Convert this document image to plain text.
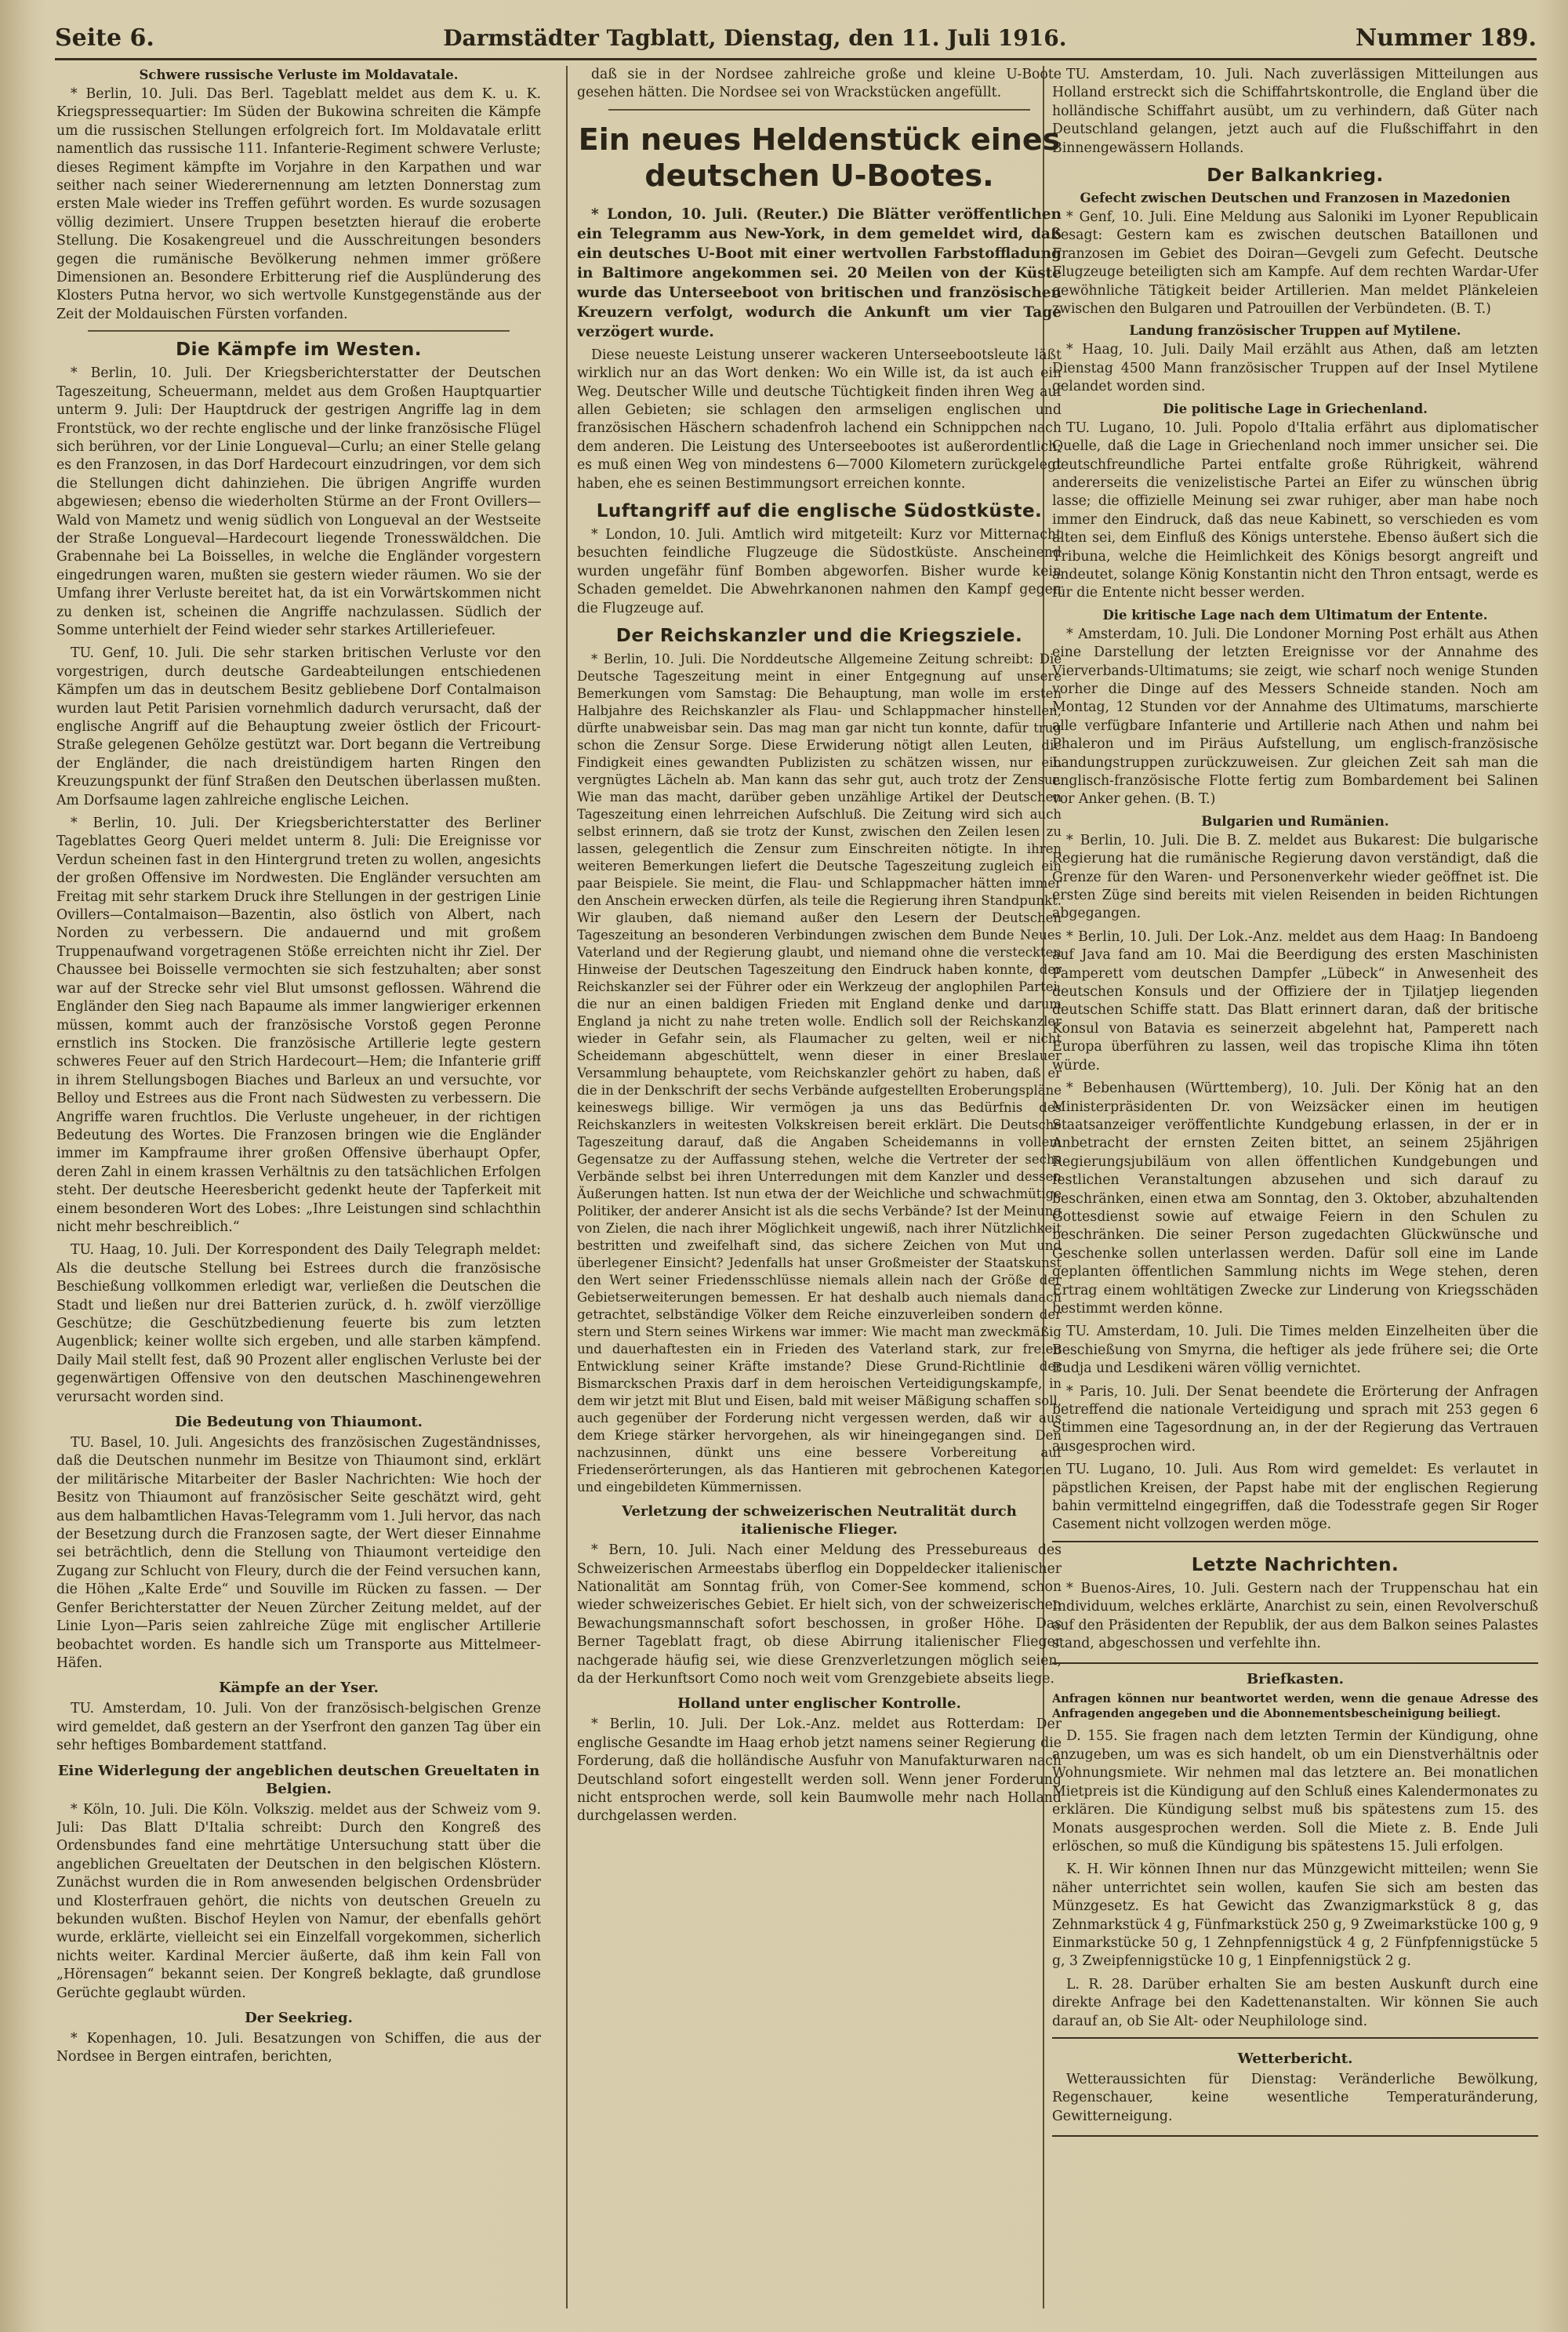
Seite 6.	Darmstädter Tagblatt, Dienstag, den 11. Juli 1916.	Nummer 189.
Schwere russische Verluste im Moldavatale.

* Berlin, 10. Juli. Das Berl. Tageblatt meldet aus dem K. u. K. Kriegspressequartier: Im Süden der Bukowina schreiten die Kämpfe um die russischen Stellungen erfolgreich fort. Im Moldavatale erlitt namentlich das russische 111. Infanterie-Regiment schwere Verluste; dieses Regiment kämpfte im Vorjahre in den Karpathen und war seither nach seiner Wiederernennung am letzten Donnerstag zum ersten Male wieder ins Treffen geführt worden. Es wurde sozusagen völlig dezimiert. Unsere Truppen besetzten hierauf die eroberte Stellung. Die Kosakengreuel und die Ausschreitungen besonders gegen die rumänische Bevölkerung nehmen immer größere Dimensionen an. Besondere Erbitterung rief die Ausplünderung des Klosters Putna hervor, wo sich wertvolle Kunstgegenstände aus der Zeit der Moldauischen Fürsten vorfanden.

Die Kämpfe im Westen.

* Berlin, 10. Juli. Der Kriegsberichterstatter der Deutschen Tageszeitung, Scheuermann, meldet aus dem Großen Hauptquartier unterm 9. Juli: Der Hauptdruck der gestrigen Angriffe lag in dem Frontstück, wo der rechte englische und der linke französische Flügel sich berühren, vor der Linie Longueval—Curlu; an einer Stelle gelang es den Franzosen, in das Dorf Hardecourt einzudringen, vor dem sich die Stellungen dicht dahinziehen. Die übrigen Angriffe wurden abgewiesen; ebenso die wiederholten Stürme an der Front Ovillers—Wald von Mametz und wenig südlich von Longueval an der Westseite der Straße Longueval—Hardecourt liegende Tronesswäldchen. Die Grabennahe bei La Boisselles, in welche die Engländer vorgestern eingedrungen waren, mußten sie gestern wieder räumen. Wo sie der Umfang ihrer Verluste bereitet hat, da ist ein Vorwärtskommen nicht zu denken ist, scheinen die Angriffe nachzulassen. Südlich der Somme unterhielt der Feind wieder sehr starkes Artilleriefeuer.

TU. Genf, 10. Juli. Die sehr starken britischen Verluste vor den vorgestrigen, durch deutsche Gardeabteilungen entschiedenen Kämpfen um das in deutschem Besitz gebliebene Dorf Contalmaison wurden laut Petit Parisien vornehmlich dadurch verursacht, daß der englische Angriff auf die Behauptung zweier östlich der Fricourt-Straße gelegenen Gehölze gestützt war. Dort begann die Vertreibung der Engländer, die nach dreistündigem harten Ringen den Kreuzungspunkt der fünf Straßen den Deutschen überlassen mußten. Am Dorfsaume lagen zahlreiche englische Leichen.

* Berlin, 10. Juli. Der Kriegsberichterstatter des Berliner Tageblattes Georg Queri meldet unterm 8. Juli: Die Ereignisse vor Verdun scheinen fast in den Hintergrund treten zu wollen, angesichts der großen Offensive im Nordwesten. Die Engländer versuchten am Freitag mit sehr starkem Druck ihre Stellungen in der gestrigen Linie Ovillers—Contalmaison—Bazentin, also östlich von Albert, nach Norden zu verbessern. Die andauernd und mit großem Truppenaufwand vorgetragenen Stöße erreichten nicht ihr Ziel. Der Chaussee bei Boisselle vermochten sie sich festzuhalten; aber sonst war auf der Strecke sehr viel Blut umsonst geflossen. Während die Engländer den Sieg nach Bapaume als immer langwieriger erkennen müssen, kommt auch der französische Vorstoß gegen Peronne ernstlich ins Stocken. Die französische Artillerie legte gestern schweres Feuer auf den Strich Hardecourt—Hem; die Infanterie griff in ihrem Stellungsbogen Biaches und Barleux an und versuchte, vor Belloy und Estrees aus die Front nach Südwesten zu verbessern. Die Angriffe waren fruchtlos. Die Verluste ungeheuer, in der richtigen Bedeutung des Wortes. Die Franzosen bringen wie die Engländer immer im Kampfraume ihrer großen Offensive überhaupt Opfer, deren Zahl in einem krassen Verhältnis zu den tatsächlichen Erfolgen steht. Der deutsche Heeresbericht gedenkt heute der Tapferkeit mit einem besonderen Wort des Lobes: „Ihre Leistungen sind schlachthin nicht mehr beschreiblich.“

TU. Haag, 10. Juli. Der Korrespondent des Daily Telegraph meldet: Als die deutsche Stellung bei Estrees durch die französische Beschießung vollkommen erledigt war, verließen die Deutschen die Stadt und ließen nur drei Batterien zurück, d. h. zwölf vierzöllige Geschütze; die Geschützbedienung feuerte bis zum letzten Augenblick; keiner wollte sich ergeben, und alle starben kämpfend. Daily Mail stellt fest, daß 90 Prozent aller englischen Verluste bei der gegenwärtigen Offensive von den deutschen Maschinengewehren verursacht worden sind.

Die Bedeutung von Thiaumont.

TU. Basel, 10. Juli. Angesichts des französischen Zugeständnisses, daß die Deutschen nunmehr im Besitze von Thiaumont sind, erklärt der militärische Mitarbeiter der Basler Nachrichten: Wie hoch der Besitz von Thiaumont auf französischer Seite geschätzt wird, geht aus dem halbamtlichen Havas-Telegramm vom 1. Juli hervor, das nach der Besetzung durch die Franzosen sagte, der Wert dieser Einnahme sei beträchtlich, denn die Stellung von Thiaumont verteidige den Zugang zur Schlucht von Fleury, durch die der Feind versuchen kann, die Höhen „Kalte Erde“ und Souville im Rücken zu fassen. — Der Genfer Berichterstatter der Neuen Zürcher Zeitung meldet, auf der Linie Lyon—Paris seien zahlreiche Züge mit englischer Artillerie beobachtet worden. Es handle sich um Transporte aus Mittelmeer-Häfen.

Kämpfe an der Yser.

TU. Amsterdam, 10. Juli. Von der französisch-belgischen Grenze wird gemeldet, daß gestern an der Yserfront den ganzen Tag über ein sehr heftiges Bombardement stattfand.

Eine Widerlegung der angeblichen deutschen Greueltaten in Belgien.

* Köln, 10. Juli. Die Köln. Volkszig. meldet aus der Schweiz vom 9. Juli: Das Blatt D'Italia schreibt: Durch den Kongreß des Ordensbundes fand eine mehrtätige Untersuchung statt über die angeblichen Greueltaten der Deutschen in den belgischen Klöstern. Zunächst wurden die in Rom anwesenden belgischen Ordensbrüder und Klosterfrauen gehört, die nichts von deutschen Greueln zu bekunden wußten. Bischof Heylen von Namur, der ebenfalls gehört wurde, erklärte, vielleicht sei ein Einzelfall vorgekommen, sicherlich nichts weiter. Kardinal Mercier äußerte, daß ihm kein Fall von „Hörensagen“ bekannt seien. Der Kongreß beklagte, daß grundlose Gerüchte geglaubt würden.

Der Seekrieg.

* Kopenhagen, 10. Juli. Besatzungen von Schiffen, die aus der Nordsee in Bergen eintrafen, berichten,

daß sie in der Nordsee zahlreiche große und kleine U-Boote gesehen hätten. Die Nordsee sei von Wrackstücken angefüllt.

Ein neues Heldenstück eines deutschen U-Bootes.

* London, 10. Juli. (Reuter.) Die Blätter veröffentlichen ein Telegramm aus New-York, in dem gemeldet wird, daß ein deutsches U-Boot mit einer wertvollen Farbstoffladung in Baltimore angekommen sei. 20 Meilen von der Küste wurde das Unterseeboot von britischen und französischen Kreuzern verfolgt, wodurch die Ankunft um vier Tage verzögert wurde.

Diese neueste Leistung unserer wackeren Unterseebootsleute läßt wirklich nur an das Wort denken: Wo ein Wille ist, da ist auch ein Weg. Deutscher Wille und deutsche Tüchtigkeit finden ihren Weg auf allen Gebieten; sie schlagen den armseligen englischen und französischen Häschern schadenfroh lachend ein Schnippchen nach dem anderen. Die Leistung des Unterseebootes ist außerordentlich; es muß einen Weg von mindestens 6—7000 Kilometern zurückgelegt haben, ehe es seinen Bestimmungsort erreichen konnte.

Luftangriff auf die englische Südostküste.

* London, 10. Juli. Amtlich wird mitgeteilt: Kurz vor Mitternacht besuchten feindliche Flugzeuge die Südostküste. Anscheinend wurden ungefähr fünf Bomben abgeworfen. Bisher wurde kein Schaden gemeldet. Die Abwehrkanonen nahmen den Kampf gegen die Flugzeuge auf.

Der Reichskanzler und die Kriegsziele.

* Berlin, 10. Juli. Die Norddeutsche Allgemeine Zeitung schreibt: Die Deutsche Tageszeitung meint in einer Entgegnung auf unsere Bemerkungen vom Samstag: Die Behauptung, man wolle im ersten Halbjahre des Reichskanzler als Flau- und Schlappmacher hinstellen, dürfte unabweisbar sein. Das mag man gar nicht tun konnte, dafür trug schon die Zensur Sorge. Diese Erwiderung nötigt allen Leuten, die Findigkeit eines gewandten Publizisten zu schätzen wissen, nur ein vergnügtes Lächeln ab. Man kann das sehr gut, auch trotz der Zensur. Wie man das macht, darüber geben unzählige Artikel der Deutschen Tageszeitung einen lehrreichen Aufschluß. Die Zeitung wird sich auch selbst erinnern, daß sie trotz der Kunst, zwischen den Zeilen lesen zu lassen, gelegentlich die Zensur zum Einschreiten nötigte. In ihren weiteren Bemerkungen liefert die Deutsche Tageszeitung zugleich ein paar Beispiele. Sie meint, die Flau- und Schlappmacher hätten immer den Anschein erwecken dürfen, als teile die Regierung ihren Standpunkt. Wir glauben, daß niemand außer den Lesern der Deutschen Tageszeitung an besonderen Verbindungen zwischen dem Bunde Neues Vaterland und der Regierung glaubt, und niemand ohne die versteckten Hinweise der Deutschen Tageszeitung den Eindruck haben konnte, der Reichskanzler sei der Führer oder ein Werkzeug der anglophilen Partei, die nur an einen baldigen Frieden mit England denke und darum England ja nicht zu nahe treten wolle. Endlich soll der Reichskanzler wieder in Gefahr sein, als Flaumacher zu gelten, weil er nicht Scheidemann abgeschüttelt, wenn dieser in einer Breslauer Versammlung behauptete, vom Reichskanzler gehört zu haben, daß er die in der Denkschrift der sechs Verbände aufgestellten Eroberungspläne keineswegs billige. Wir vermögen ja uns das Bedürfnis des Reichskanzlers in weitesten Volkskreisen bereit erklärt. Die Deutsche Tageszeitung darauf, daß die Angaben Scheidemanns in vollem Gegensatze zu der Auffassung stehen, welche die Vertreter der sechs Verbände selbst bei ihren Unterredungen mit dem Kanzler und dessen Äußerungen hatten. Ist nun etwa der der Weichliche und schwachmütige Politiker, der anderer Ansicht ist als die sechs Verbände? Ist der Meinung von Zielen, die nach ihrer Möglichkeit ungewiß, nach ihrer Nützlichkeit bestritten und zweifelhaft sind, das sichere Zeichen von Mut und überlegener Einsicht? Jedenfalls hat unser Großmeister der Staatskunst den Wert seiner Friedensschlüsse niemals allein nach der Größe der Gebietserweiterungen bemessen. Er hat deshalb auch niemals danach getrachtet, selbständige Völker dem Reiche einzuverleiben sondern der stern und Stern seines Wirkens war immer: Wie macht man zweckmäßig und dauerhaftesten ein in Frieden des Vaterland stark, zur freien Entwicklung seiner Kräfte imstande? Diese Grund-Richtlinie der Bismarckschen Praxis darf in dem heroischen Verteidigungskampfe, in dem wir jetzt mit Blut und Eisen, bald mit weiser Mäßigung schaffen soll, auch gegenüber der Forderung nicht vergessen werden, daß wir aus dem Kriege stärker hervorgehen, als wir hineingegangen sind. Den nachzusinnen, dünkt uns eine bessere Vorbereitung auf Friedenserörterungen, als das Hantieren mit gebrochenen Kategorien und eingebildeten Kümmernissen.

Verletzung der schweizerischen Neutralität durch italienische Flieger.

* Bern, 10. Juli. Nach einer Meldung des Pressebureaus des Schweizerischen Armeestabs überflog ein Doppeldecker italienischer Nationalität am Sonntag früh, von Comer-See kommend, schon wieder schweizerisches Gebiet. Er hielt sich, von der schweizerischen Bewachungsmannschaft sofort beschossen, in großer Höhe. Das Berner Tageblatt fragt, ob diese Abirrung italienischer Flieger nachgerade häufig sei, wie diese Grenzverletzungen möglich seien, da der Herkunftsort Como noch weit vom Grenzgebiete abseits liege.

Holland unter englischer Kontrolle.

* Berlin, 10. Juli. Der Lok.-Anz. meldet aus Rotterdam: Der englische Gesandte im Haag erhob jetzt namens seiner Regierung die Forderung, daß die holländische Ausfuhr von Manufakturwaren nach Deutschland sofort eingestellt werden soll. Wenn jener Forderung nicht entsprochen werde, soll kein Baumwolle mehr nach Holland durchgelassen werden.

TU. Amsterdam, 10. Juli. Nach zuverlässigen Mitteilungen aus Holland erstreckt sich die Schiffahrtskontrolle, die England über die holländische Schiffahrt ausübt, um zu verhindern, daß Güter nach Deutschland gelangen, jetzt auch auf die Flußschiffahrt in den Binnengewässern Hollands.

Der Balkankrieg.
Gefecht zwischen Deutschen und Franzosen in Mazedonien

* Genf, 10. Juli. Eine Meldung aus Saloniki im Lyoner Republicain besagt: Gestern kam es zwischen deutschen Bataillonen und Franzosen im Gebiet des Doiran—Gevgeli zum Gefecht. Deutsche Flugzeuge beteiligten sich am Kampfe. Auf dem rechten Wardar-Ufer gewöhnliche Tätigkeit beider Artillerien. Man meldet Plänkeleien zwischen den Bulgaren und Patrouillen der Verbündeten. (B. T.)

Landung französischer Truppen auf Mytilene.

* Haag, 10. Juli. Daily Mail erzählt aus Athen, daß am letzten Dienstag 4500 Mann französischer Truppen auf der Insel Mytilene gelandet worden sind.

Die politische Lage in Griechenland.

TU. Lugano, 10. Juli. Popolo d'Italia erfährt aus diplomatischer Quelle, daß die Lage in Griechenland noch immer unsicher sei. Die deutschfreundliche Partei entfalte große Rührigkeit, während andererseits die venizelistische Partei an Eifer zu wünschen übrig lasse; die offizielle Meinung sei zwar ruhiger, aber man habe noch immer den Eindruck, daß das neue Kabinett, so verschieden es vom alten sei, dem Einfluß des Königs unterstehe. Ebenso äußert sich die Tribuna, welche die Heimlichkeit des Königs besorgt angreift und andeutet, solange König Konstantin nicht den Thron entsagt, werde es für die Entente nicht besser werden.

Die kritische Lage nach dem Ultimatum der Entente.

* Amsterdam, 10. Juli. Die Londoner Morning Post erhält aus Athen eine Darstellung der letzten Ereignisse vor der Annahme des Vierverbands-Ultimatums; sie zeigt, wie scharf noch wenige Stunden vorher die Dinge auf des Messers Schneide standen. Noch am Montag, 12 Stunden vor der Annahme des Ultimatums, marschierte alle verfügbare Infanterie und Artillerie nach Athen und nahm bei Phaleron und im Piräus Aufstellung, um englisch-französische Landungstruppen zurückzuweisen. Zur gleichen Zeit sah man die englisch-französische Flotte fertig zum Bombardement bei Salinen vor Anker gehen. (B. T.)

Bulgarien und Rumänien.

* Berlin, 10. Juli. Die B. Z. meldet aus Bukarest: Die bulgarische Regierung hat die rumänische Regierung davon verständigt, daß die Grenze für den Waren- und Personenverkehr wieder geöffnet ist. Die ersten Züge sind bereits mit vielen Reisenden in beiden Richtungen abgegangen.

* Berlin, 10. Juli. Der Lok.-Anz. meldet aus dem Haag: In Bandoeng auf Java fand am 10. Mai die Beerdigung des ersten Maschinisten Pamperett vom deutschen Dampfer „Lübeck“ in Anwesenheit des deutschen Konsuls und der Offiziere der in Tjilatjep liegenden deutschen Schiffe statt. Das Blatt erinnert daran, daß der britische Konsul von Batavia es seinerzeit abgelehnt hat, Pamperett nach Europa überführen zu lassen, weil das tropische Klima ihn töten würde.

* Bebenhausen (Württemberg), 10. Juli. Der König hat an den Ministerpräsidenten Dr. von Weizsäcker einen im heutigen Staatsanzeiger veröffentlichte Kundgebung erlassen, in der er in Anbetracht der ernsten Zeiten bittet, an seinem 25jährigen Regierungsjubiläum von allen öffentlichen Kundgebungen und festlichen Veranstaltungen abzusehen und sich darauf zu beschränken, einen etwa am Sonntag, den 3. Oktober, abzuhaltenden Gottesdienst sowie auf etwaige Feiern in den Schulen zu beschränken. Die seiner Person zugedachten Glückwünsche und Geschenke sollen unterlassen werden. Dafür soll eine im Lande geplanten öffentlichen Sammlung nichts im Wege stehen, deren Ertrag einem wohltätigen Zwecke zur Linderung von Kriegsschäden bestimmt werden könne.

TU. Amsterdam, 10. Juli. Die Times melden Einzelheiten über die Beschießung von Smyrna, die heftiger als jede frühere sei; die Orte Budja und Lesdikeni wären völlig vernichtet.

* Paris, 10. Juli. Der Senat beendete die Erörterung der Anfragen betreffend die nationale Verteidigung und sprach mit 253 gegen 6 Stimmen eine Tagesordnung an, in der der Regierung das Vertrauen ausgesprochen wird.

TU. Lugano, 10. Juli. Aus Rom wird gemeldet: Es verlautet in päpstlichen Kreisen, der Papst habe mit der englischen Regierung bahin vermittelnd eingegriffen, daß die Todesstrafe gegen Sir Roger Casement nicht vollzogen werden möge.

Letzte Nachrichten.

* Buenos-Aires, 10. Juli. Gestern nach der Truppenschau hat ein Individuum, welches erklärte, Anarchist zu sein, einen Revolverschuß auf den Präsidenten der Republik, der aus dem Balkon seines Palastes stand, abgeschossen und verfehlte ihn.

Briefkasten.
Anfragen können nur beantwortet werden, wenn die genaue Adresse des Anfragenden angegeben und die Abonnementsbescheinigung beiliegt.

D. 155. Sie fragen nach dem letzten Termin der Kündigung, ohne anzugeben, um was es sich handelt, ob um ein Dienstverhältnis oder Wohnungsmiete. Wir nehmen mal das letztere an. Bei monatlichen Mietpreis ist die Kündigung auf den Schluß eines Kalendermonates zu erklären. Die Kündigung selbst muß bis spätestens zum 15. des Monats ausgesprochen werden. Soll die Miete z. B. Ende Juli erlöschen, so muß die Kündigung bis spätestens 15. Juli erfolgen.

K. H. Wir können Ihnen nur das Münzgewicht mitteilen; wenn Sie näher unterrichtet sein wollen, kaufen Sie sich am besten das Münzgesetz. Es hat Gewicht das Zwanzigmarkstück 8 g, das Zehnmarkstück 4 g, Fünfmarkstück 250 g, 9 Zweimarkstücke 100 g, 9 Einmarkstücke 50 g, 1 Zehnpfennigstück 4 g, 2 Fünfpfennigstücke 5 g, 3 Zweipfennigstücke 10 g, 1 Einpfennigstück 2 g.

L. R. 28. Darüber erhalten Sie am besten Auskunft durch eine direkte Anfrage bei den Kadettenanstalten. Wir können Sie auch darauf an, ob Sie Alt- oder Neuphilologe sind.

Wetterbericht.

Wetteraussichten für Dienstag: Veränderliche Bewölkung, Regenschauer, keine wesentliche Temperaturänderung, Gewitterneigung.
